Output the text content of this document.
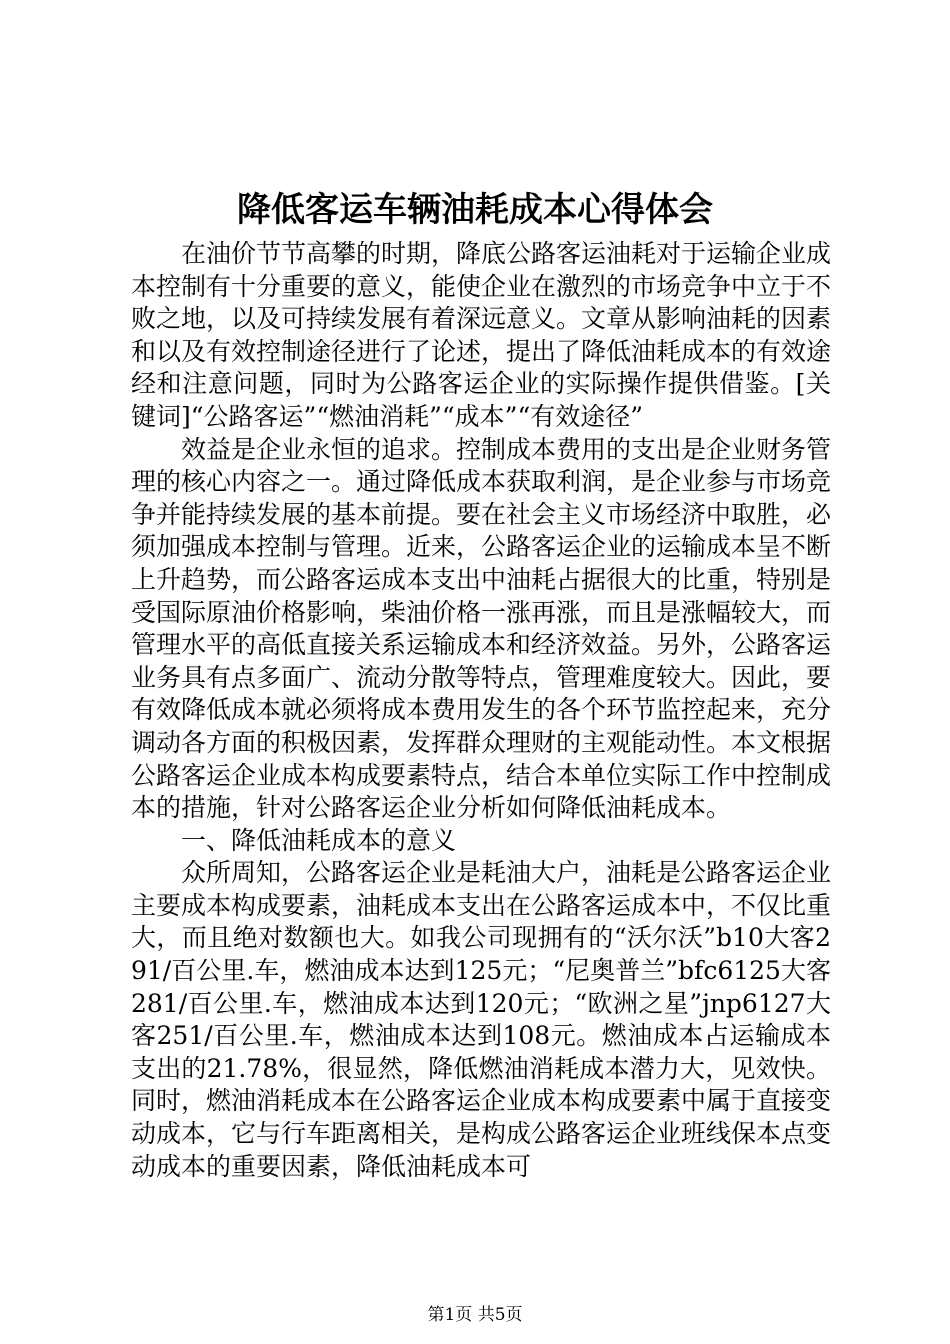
降低客运车辆油耗成本心得体会

在油价节节高攀的时期，降底公路客运油耗对于运输企业成本控制有十分重要的意义，能使企业在激烈的市场竞争中立于不败之地，以及可持续发展有着深远意义。文章从影响油耗的因素和以及有效控制途径进行了论述，提出了降低油耗成本的有效途经和注意问题，同时为公路客运企业的实际操作提供借鉴。[关键词]“公路客运”“燃油消耗”“成本”“有效途径”

效益是企业永恒的追求。控制成本费用的支出是企业财务管理的核心内容之一。通过降低成本获取利润，是企业参与市场竞争并能持续发展的基本前提。要在社会主义市场经济中取胜，必须加强成本控制与管理。近来，公路客运企业的运输成本呈不断上升趋势，而公路客运成本支出中油耗占据很大的比重，特别是受国际原油价格影响，柴油价格一涨再涨，而且是涨幅较大，而管理水平的高低直接关系运输成本和经济效益。另外，公路客运业务具有点多面广、流动分散等特点，管理难度较大。因此，要有效降低成本就必须将成本费用发生的各个环节监控起来，充分调动各方面的积极因素，发挥群众理财的主观能动性。本文根据公路客运企业成本构成要素特点，结合本单位实际工作中控制成本的措施，针对公路客运企业分析如何降低油耗成本。

一、降低油耗成本的意义

众所周知，公路客运企业是耗油大户，油耗是公路客运企业主要成本构成要素，油耗成本支出在公路客运成本中，不仅比重大，而且绝对数额也大。如我公司现拥有的“沃尔沃”b10大客291/百公里.车，燃油成本达到125元；“尼奥普兰”bfc6125大客281/百公里.车，燃油成本达到120元；“欧洲之星”jnp6127大客251/百公里.车，燃油成本达到108元。燃油成本占运输成本支出的21.78%，很显然，降低燃油消耗成本潜力大，见效快。同时，燃油消耗成本在公路客运企业成本构成要素中属于直接变动成本，它与行车距离相关，是构成公路客运企业班线保本点变动成本的重要因素，降低油耗成本可

第1页 共5页
